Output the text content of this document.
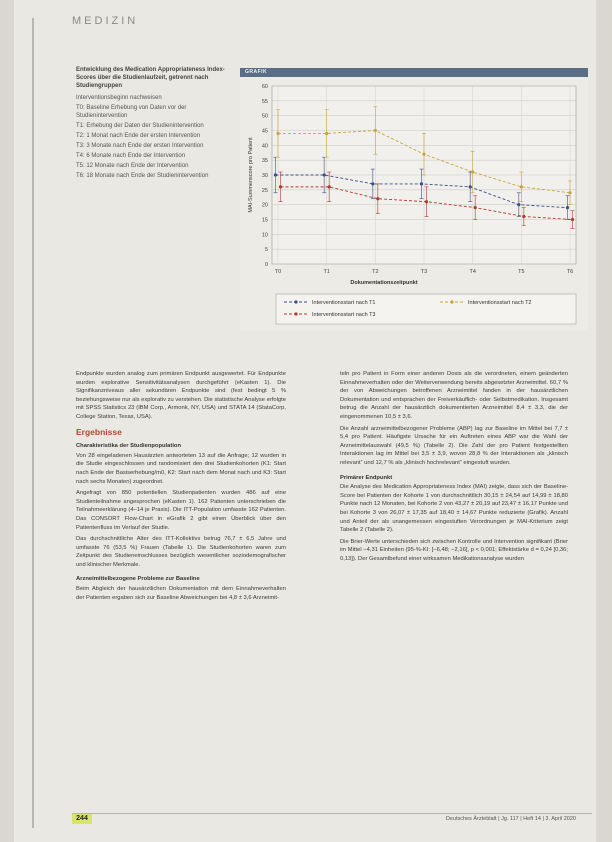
MEDIZIN
Entwicklung des Medication Appropriateness Index-Scores über die Studienlaufzeit, getrennt nach Studiengruppen
Interventionsbeginn nachweisen
T0: Baseline Erhebung von Daten vor der Studienintervention
T1: Erhebung der Daten der Studienintervention
T2: 1 Monat nach Ende der ersten Intervention
T3: 3 Monate nach Ende der ersten Intervention
T4: 6 Monate nach Ende der Intervention
T5: 12 Monate nach Ende der Intervention
T6: 18 Monate nach Ende der Studienintervention
GRAFIK
0
5
10
15
20
25
30
35
40
45
50
55
60
T0	T1	T2	T3	T4	T5	T6
MAI-Summenscore pro Patient
Dokumentationszeitpunkt
Interventionsstart nach T1	Interventionsstart nach T2
Interventionsstart nach T3

Endpunkte wurden analog zum primären Endpunkt ausgewertet. Für Endpunkte wurden explorative Sensitivitätsanalysen durchgeführt (eKasten 1). Die Signifikanzniveaus aller sekundären Endpunkte sind (fest bedingt 5 % beziehungsweise nur als explorativ zu verstehen. Die statistische Analyse erfolgte mit SPSS Statistics 23 (IBM Corp., Armonk, NY, USA) und STATA 14 (StataCorp, College Station, Texas, USA).

Ergebnisse
Charakteristika der Studienpopulation

Von 28 eingeladenen Hausärzten antworteten 13 auf die Anfrage; 12 wurden in die Studie eingeschlossen und randomisiert den drei Studienkohorten (K1: Start nach Ende der Basiserhebung/m0, K2: Start nach dem Monat nach und K3: Start nach sechs Monaten) zugeordnet.

Angefragt von 850 potentiellen Studienpatienten wurden 486 auf eine Studienteilnahme angesprochen (eKasten 1). 162 Patienten unterschrieben die Teilnahmeerklärung (4–14 je Praxis). Die ITT-Population umfasste 162 Patienten. Das CONSORT Flow-Chart in eGrafik 2 gibt einen Überblick über den Patientenfluss im Verlauf der Studie.

Das durchschnittliche Alter des ITT-Kollektivs betrug 76,7 ± 6,5 Jahre und umfasste 76 (53,5 %) Frauen (Tabelle 1). Die Studienkohorten waren zum Zeitpunkt des Studieneinschlusses bezüglich wesentlicher soziodemografischer und klinischer Merkmale.

Arzneimittelbezogene Probleme zur Baseline

Beim Abgleich der hausärztlichen Dokumentation mit dem Einnahmeverhalten der Patienten ergaben sich zur Baseline Abweichungen bei 4,8 ± 3,6 Arzneimit-

teln pro Patient in Form einer anderen Dosis als die verordneten, einem geänderten Einnahmeverhalten oder der Weiterverwendung bereits abgesetzter Arzneimittel. 60,7 % der von Abweichungen betroffenen Arzneimittel fanden in der hausärztlichen Dokumentation und entsprachen der Freiverkäuflich- oder Selbstmedikation. Insgesamt betrug die Anzahl der hausärztlich dokumentierten Arzneimittel 8,4 ± 3,3, die der eingenommenen 10,5 ± 3,6.

Die Anzahl arzneimittelbezogener Probleme (ABP) lag zur Baseline im Mittel bei 7,7 ± 5,4 pro Patient. Häufigste Ursache für ein Auftreten eines ABP war die Wahl der Arzneimittelauswahl (49,5 %) (Tabelle 2). Die Zahl der pro Patient festgestellten Interaktionen lag im Mittel bei 3,5 ± 3,9, wovon 28,8 % der Interaktionen als „klinisch relevant“ und 12,7 % als „klinisch hochrelevant“ eingestuft wurden.

Primärer Endpunkt

Die Analyse des Medication Appropriateness Index (MAI) zeigte, dass sich der Baseline-Score bei Patienten der Kohorte 1 von durchschnittlich 30,15 ± 24,54 auf 14,99 ± 18,80 Punkte nach 12 Monaten, bei Kohorte 2 von 43,27 ± 20,19 auf 23,47 ± 16,17 Punkte und bei Kohorte 3 von 26,07 ± 17,35 auf 18,40 ± 14,67 Punkte reduzierte (Grafik). Anzahl und Anteil der als unangemessen eingestuften Verordnungen je MAI-Kriterium zeigt Tabelle 2 (Tabelle 2).

Die Brier-Werte unterschieden sich zwischen Kontrolle und Intervention signifikant (Brier im Mittel −4,31 Einheiten (95-%-KI: [−6,48; −2,16], p < 0,001; Effektstärke d = 0,24 [0,36; 0,13]). Der Gesamtbefund einer wirksamen Medikationsanalyse wurden

244	Deutsches Ärzteblatt | Jg. 117 | Heft 14 | 3. April 2020
